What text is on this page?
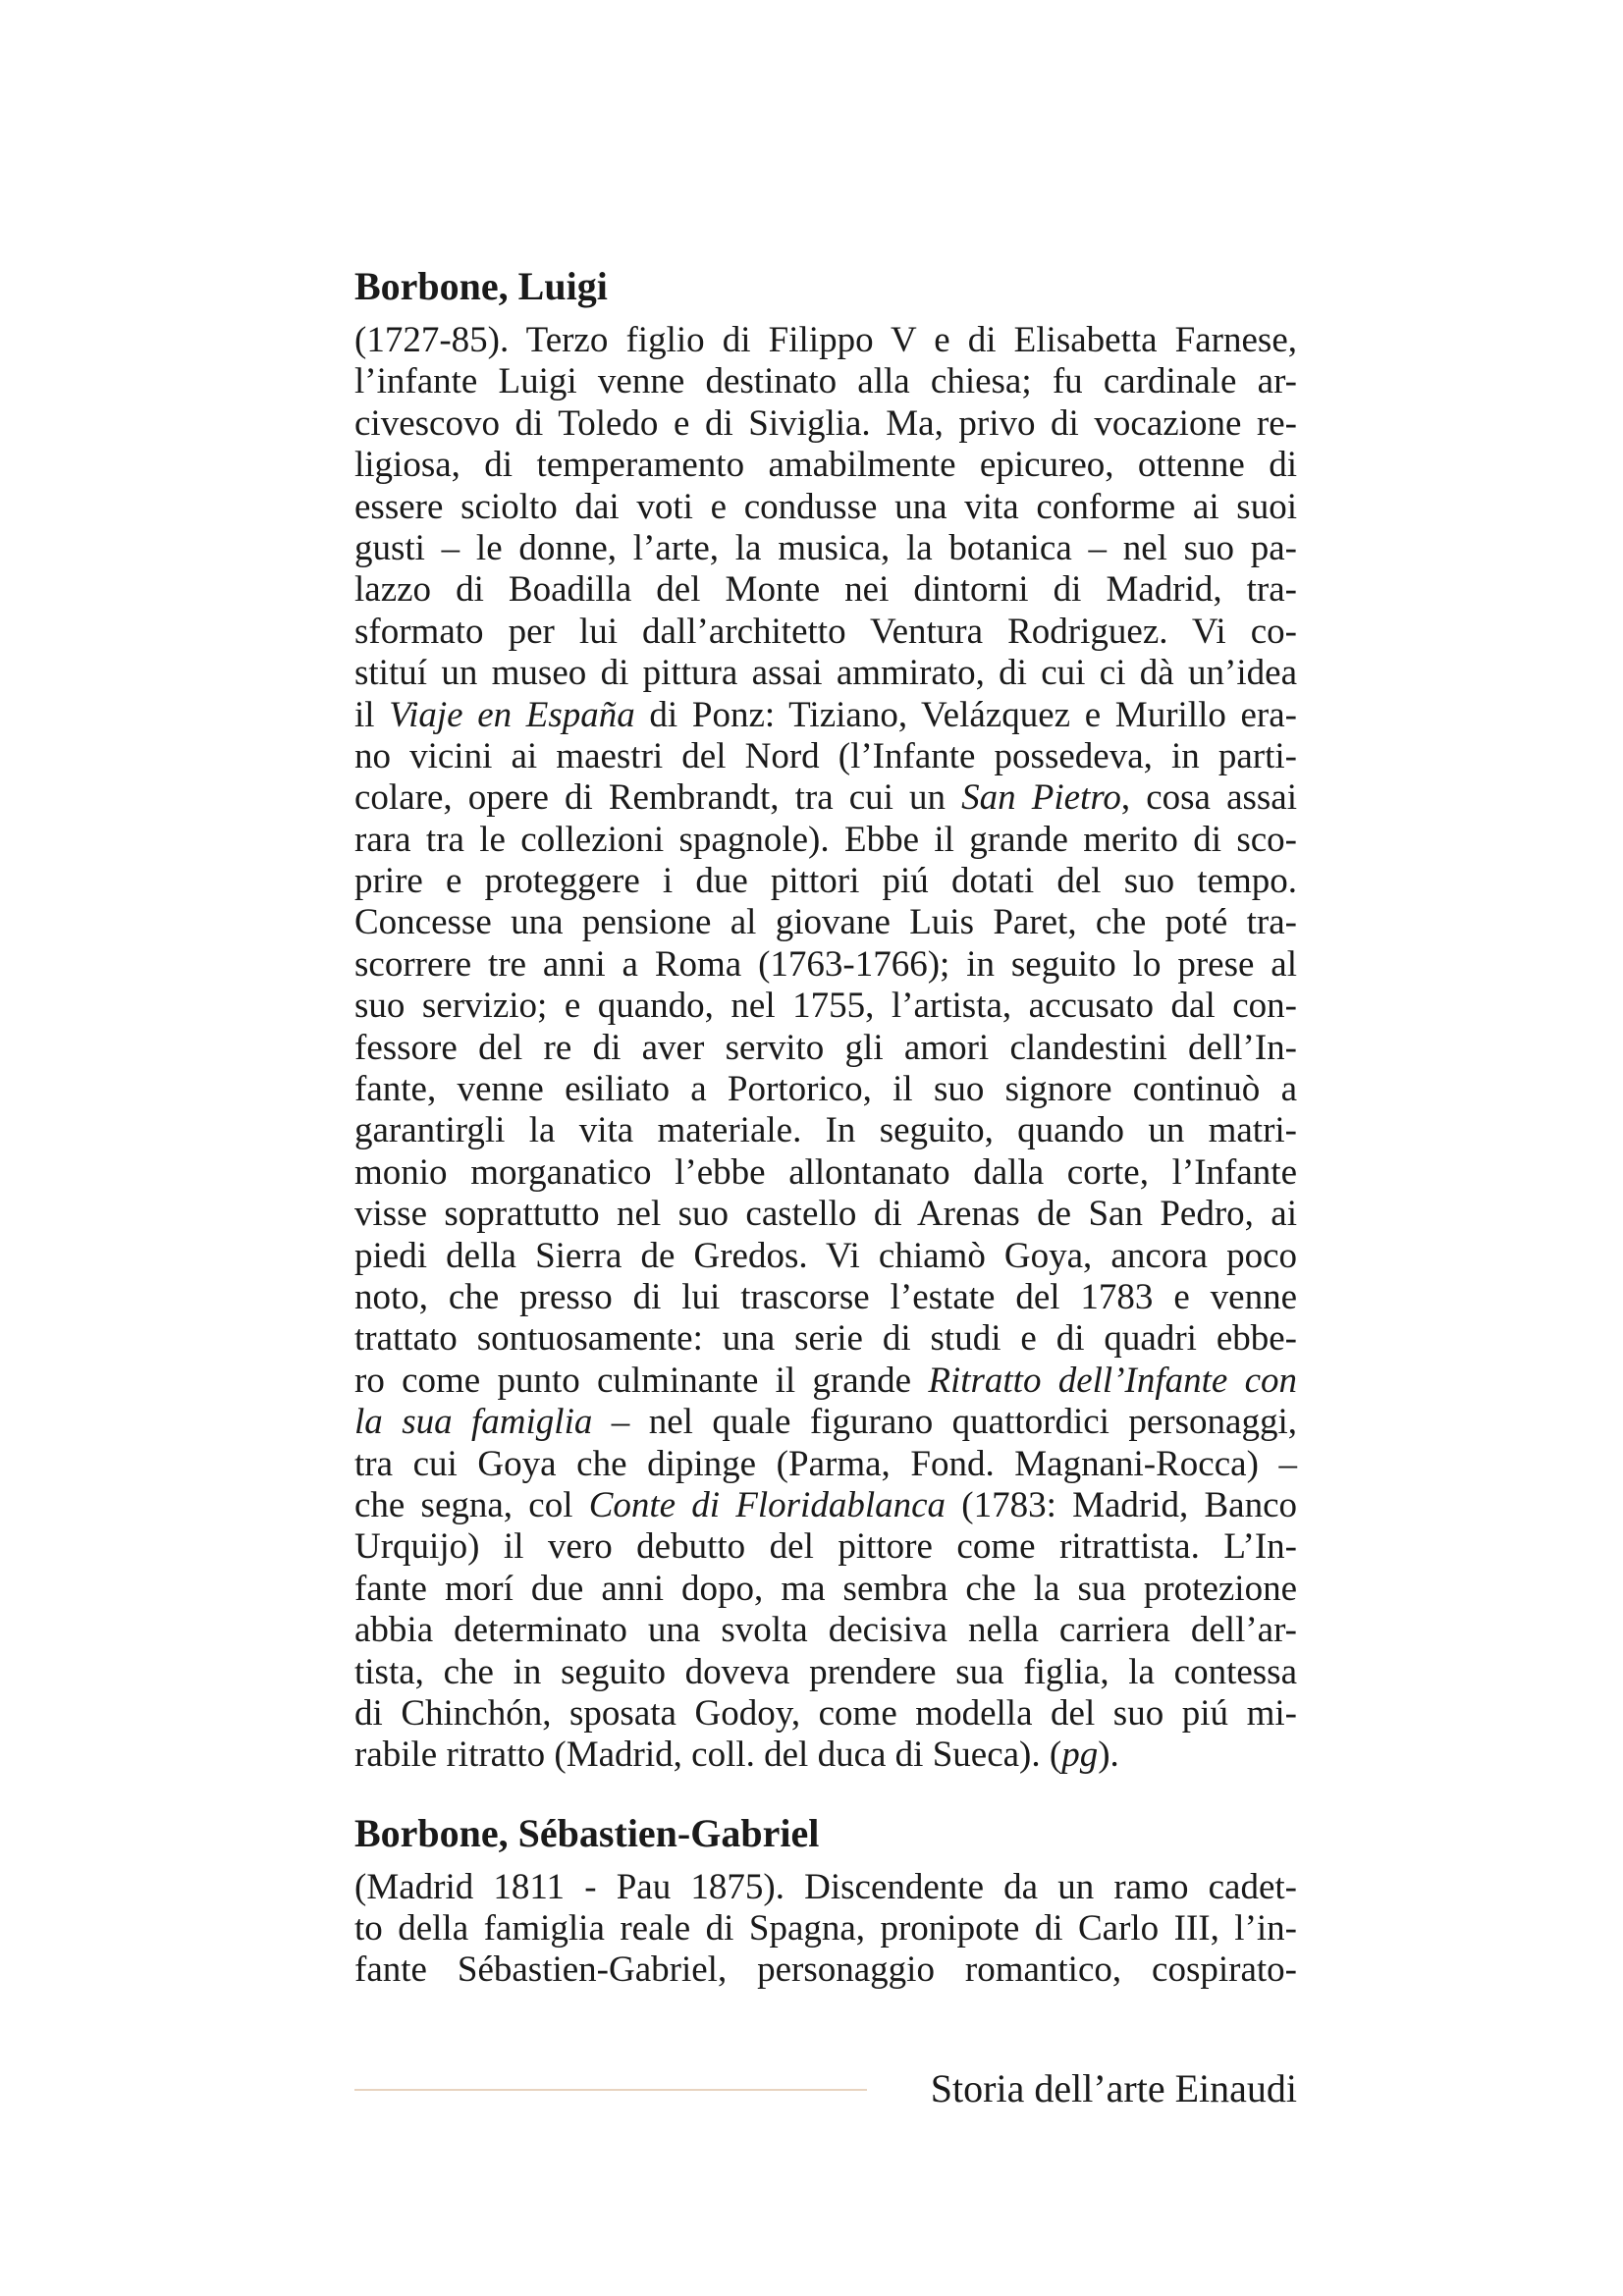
Borbone, Luigi
(1727-85). Terzo figlio di Filippo V e di Elisabetta Farnese,
l’infante Luigi venne destinato alla chiesa; fu cardinale ar-
civescovo di Toledo e di Siviglia. Ma, privo di vocazione re-
ligiosa, di temperamento amabilmente epicureo, ottenne di
essere sciolto dai voti e condusse una vita conforme ai suoi
gusti – le donne, l’arte, la musica, la botanica – nel suo pa-
lazzo di Boadilla del Monte nei dintorni di Madrid, tra-
sformato per lui dall’architetto Ventura Rodriguez. Vi co-
stituí un museo di pittura assai ammirato, di cui ci dà un’idea
il Viaje en España di Ponz: Tiziano, Velázquez e Murillo era-
no vicini ai maestri del Nord (l’Infante possedeva, in parti-
colare, opere di Rembrandt, tra cui un San Pietro, cosa assai
rara tra le collezioni spagnole). Ebbe il grande merito di sco-
prire e proteggere i due pittori piú dotati del suo tempo.
Concesse una pensione al giovane Luis Paret, che poté tra-
scorrere tre anni a Roma (1763-1766); in seguito lo prese al
suo servizio; e quando, nel 1755, l’artista, accusato dal con-
fessore del re di aver servito gli amori clandestini dell’In-
fante, venne esiliato a Portorico, il suo signore continuò a
garantirgli la vita materiale. In seguito, quando un matri-
monio morganatico l’ebbe allontanato dalla corte, l’Infante
visse soprattutto nel suo castello di Arenas de San Pedro, ai
piedi della Sierra de Gredos. Vi chiamò Goya, ancora poco
noto, che presso di lui trascorse l’estate del 1783 e venne
trattato sontuosamente: una serie di studi e di quadri ebbe-
ro come punto culminante il grande Ritratto dell’Infante con
la sua famiglia – nel quale figurano quattordici personaggi,
tra cui Goya che dipinge (Parma, Fond. Magnani-Rocca) –
che segna, col Conte di Floridablanca (1783: Madrid, Banco
Urquijo) il vero debutto del pittore come ritrattista. L’In-
fante morí due anni dopo, ma sembra che la sua protezione
abbia determinato una svolta decisiva nella carriera dell’ar-
tista, che in seguito doveva prendere sua figlia, la contessa
di Chinchón, sposata Godoy, come modella del suo piú mi-
rabile ritratto (Madrid, coll. del duca di Sueca). (pg).
Borbone, Sébastien-Gabriel
(Madrid 1811 - Pau 1875). Discendente da un ramo cadet-
to della famiglia reale di Spagna, pronipote di Carlo III, l’in-
fante Sébastien-Gabriel, personaggio romantico, cospirato-
Storia dell’arte Einaudi
